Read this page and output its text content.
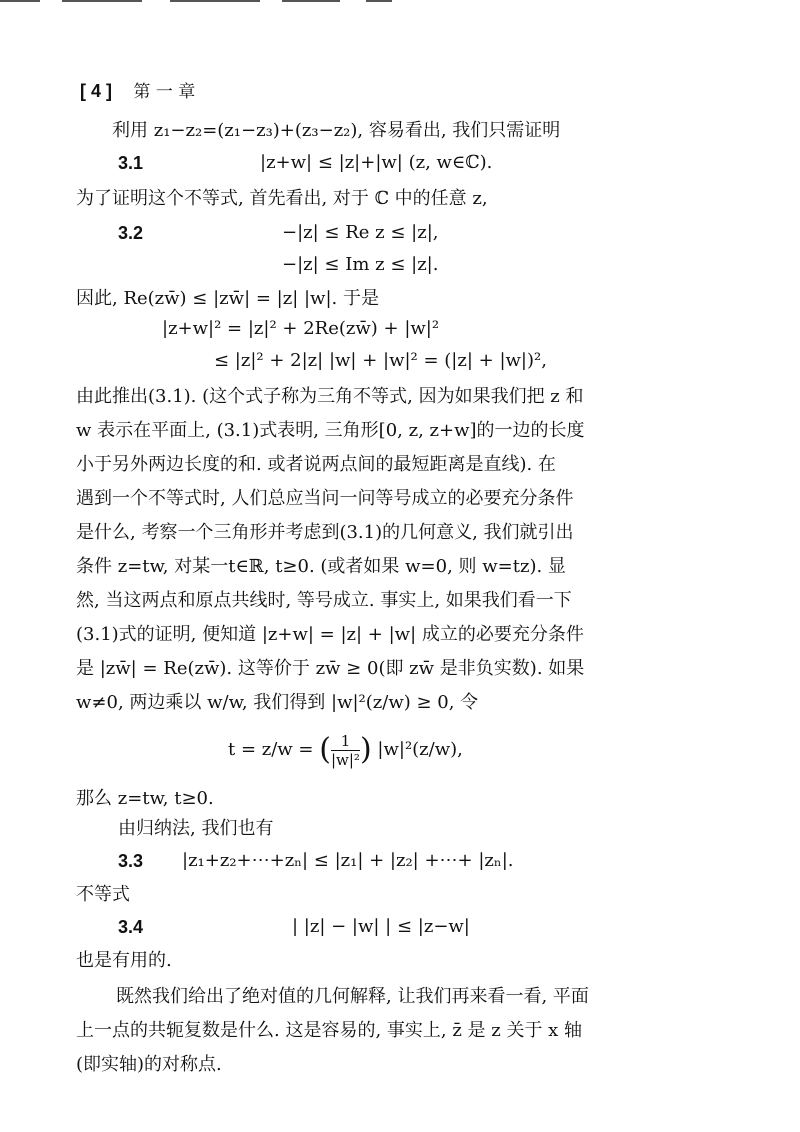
[ 4 ] 第 一 章
利用 z₁−z₂=(z₁−z₃)+(z₃−z₂), 容易看出, 我们只需证明
3.1	|z+w| ≤ |z|+|w| (z, w∈ℂ).
为了证明这个不等式, 首先看出, 对于 ℂ 中的任意 z,
3.2	−|z| ≤ Re z ≤ |z|,
−|z| ≤ Im z ≤ |z|.
因此, Re(zw̄) ≤ |zw̄| = |z| |w|. 于是
|z+w|² = |z|² + 2Re(zw̄) + |w|²
≤ |z|² + 2|z| |w| + |w|² = (|z| + |w|)²,
由此推出(3.1). (这个式子称为三角不等式, 因为如果我们把 z 和
w 表示在平面上, (3.1)式表明, 三角形[0, z, z+w]的一边的长度
小于另外两边长度的和. 或者说两点间的最短距离是直线). 在
遇到一个不等式时, 人们总应当问一问等号成立的必要充分条件
是什么, 考察一个三角形并考虑到(3.1)的几何意义, 我们就引出
条件 z=tw, 对某一t∈ℝ, t≥0. (或者如果 w=0, 则 w=tz). 显
然, 当这两点和原点共线时, 等号成立. 事实上, 如果我们看一下
(3.1)式的证明, 便知道 |z+w| = |z| + |w| 成立的必要充分条件
是 |zw̄| = Re(zw̄). 这等价于 zw̄ ≥ 0(即 zw̄ 是非负实数). 如果
w≠0, 两边乘以 w/w, 我们得到 |w|²(z/w) ≥ 0, 令
t = z/w = ( $\frac{1}{\text{|w|²}}$ ) |w|²(z/w),
那么 z=tw, t≥0.
由归纳法, 我们也有
3.3 |z₁+z₂+⋯+zₙ| ≤ |z₁| + |z₂| +⋯+ |zₙ|.
不等式
3.4	| |z| − |w| | ≤ |z−w|
也是有用的.
既然我们给出了绝对值的几何解释, 让我们再来看一看, 平面
上一点的共轭复数是什么. 这是容易的, 事实上, z̄ 是 z 关于 x 轴
(即实轴)的对称点.
